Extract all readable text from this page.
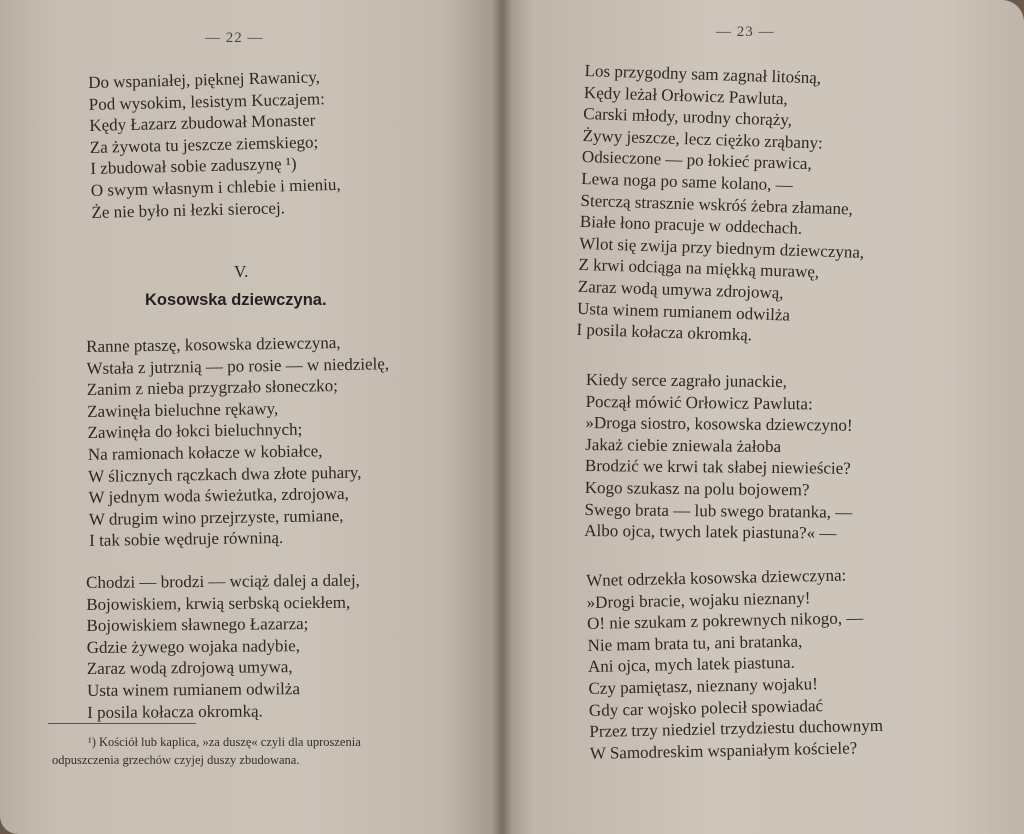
— 22 —
Do wspaniałej, pięknej Rawanicy,
Pod wysokim, lesistym Kuczajem:
Kędy Łazarz zbudował Monaster
Za żywota tu jeszcze ziemskiego;
I zbudował sobie zaduszynę ¹)
O swym własnym i chlebie i mieniu,
Że nie było ni łezki sierocej.
V.
Kosowska dziewczyna.
Ranne ptaszę, kosowska dziewczyna,
Wstała z jutrznią — po rosie — w niedzielę,
Zanim z nieba przygrzało słoneczko;
Zawinęła bieluchne rękawy,
Zawinęła do łokci bieluchnych;
Na ramionach kołacze w kobiałce,
W ślicznych rączkach dwa złote puhary,
W jednym woda świeżutka, zdrojowa,
W drugim wino przejrzyste, rumiane,
I tak sobie wędruje równiną.
Chodzi — brodzi — wciąż dalej a dalej,
Bojowiskiem, krwią serbską ociekłem,
Bojowiskiem sławnego Łazarza;
Gdzie żywego wojaka nadybie,
Zaraz wodą zdrojową umywa,
Usta winem rumianem odwilża
I posila kołacza okromką.
¹) Kościół lub kaplica, »za duszę« czyli dla uproszenia
odpuszczenia grzechów czyjej duszy zbudowana.
— 23 —
Los przygodny sam zagnał litośną,
Kędy leżał Orłowicz Pawluta,
Carski młody, urodny chorąży,
Żywy jeszcze, lecz ciężko zrąbany:
Odsieczone — po łokieć prawica,
Lewa noga po same kolano, —
Sterczą strasznie wskróś żebra złamane,
Białe łono pracuje w oddechach.
Wlot się zwija przy biednym dziewczyna,
Z krwi odciąga na miękką murawę,
Zaraz wodą umywa zdrojową,
Usta winem rumianem odwilża
I posila kołacza okromką.
Kiedy serce zagrało junackie,
Począł mówić Orłowicz Pawluta:
»Droga siostro, kosowska dziewczyno!
Jakaż ciebie zniewala żałoba
Brodzić we krwi tak słabej niewieście?
Kogo szukasz na polu bojowem?
Swego brata — lub swego bratanka, —
Albo ojca, twych latek piastuna?« —
Wnet odrzekła kosowska dziewczyna:
»Drogi bracie, wojaku nieznany!
O! nie szukam z pokrewnych nikogo, —
Nie mam brata tu, ani bratanka,
Ani ojca, mych latek piastuna.
Czy pamiętasz, nieznany wojaku!
Gdy car wojsko polecił spowiadać
Przez trzy niedziel trzydziestu duchownym
W Samodreskim wspaniałym kościele?
